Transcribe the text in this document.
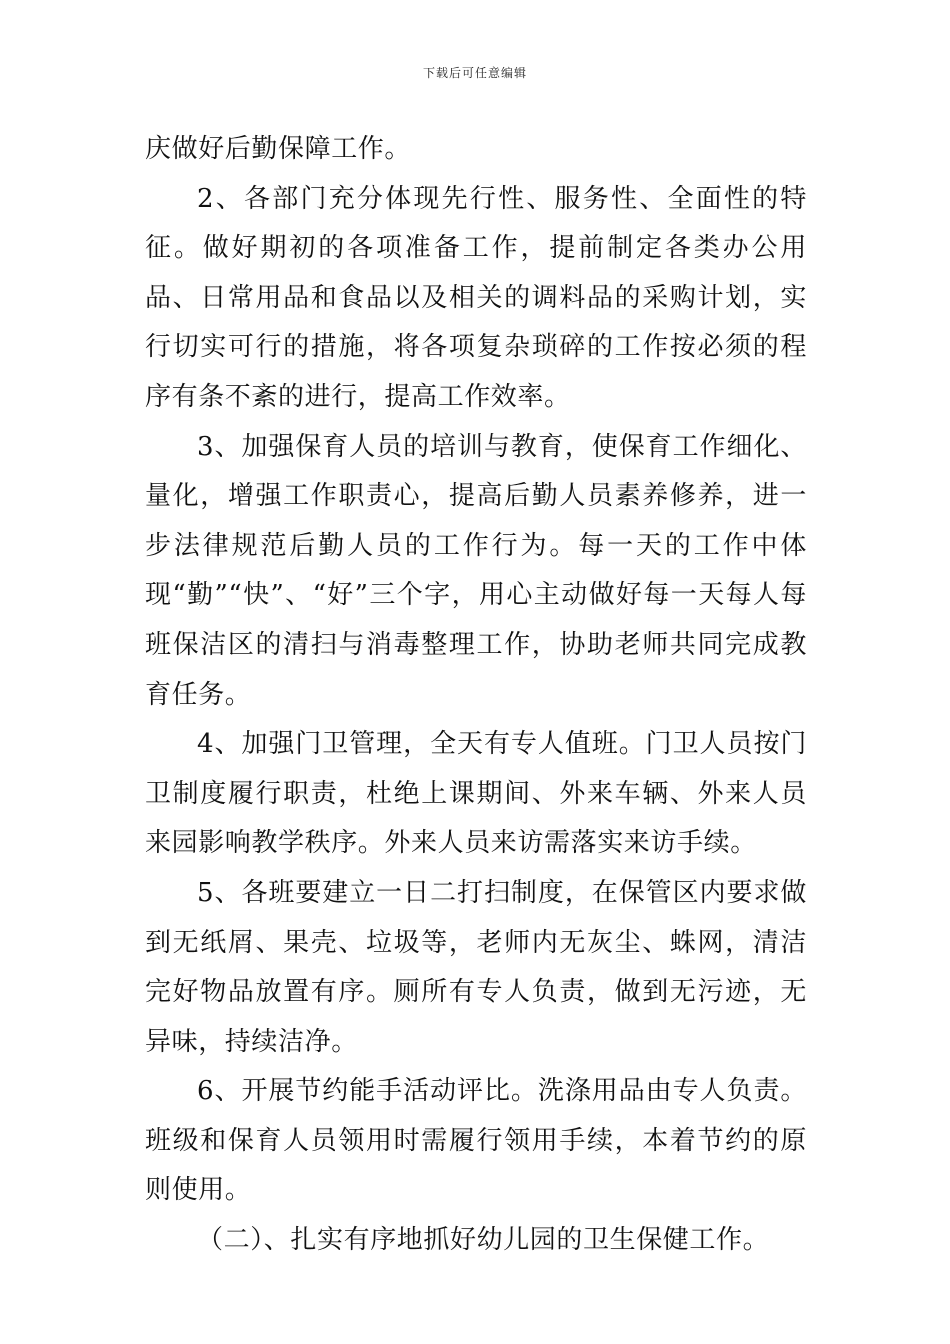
下载后可任意编辑

庆做好后勤保障工作。

2、各部门充分体现先行性、服务性、全面性的特征。做好期初的各项准备工作，提前制定各类办公用品、日常用品和食品以及相关的调料品的采购计划，实行切实可行的措施，将各项复杂琐碎的工作按必须的程序有条不紊的进行，提高工作效率。

3、加强保育人员的培训与教育，使保育工作细化、量化，增强工作职责心，提高后勤人员素养修养，进一步法律规范后勤人员的工作行为。每一天的工作中体现“勤”“快”、“好”三个字，用心主动做好每一天每人每班保洁区的清扫与消毒整理工作，协助老师共同完成教育任务。

4、加强门卫管理，全天有专人值班。门卫人员按门卫制度履行职责，杜绝上课期间、外来车辆、外来人员来园影响教学秩序。外来人员来访需落实来访手续。

5、各班要建立一日二打扫制度，在保管区内要求做到无纸屑、果壳、垃圾等，老师内无灰尘、蛛网，清洁完好物品放置有序。厕所有专人负责，做到无污迹，无异味，持续洁净。

6、开展节约能手活动评比。洗涤用品由专人负责。班级和保育人员领用时需履行领用手续，本着节约的原则使用。

（二）、扎实有序地抓好幼儿园的卫生保健工作。
